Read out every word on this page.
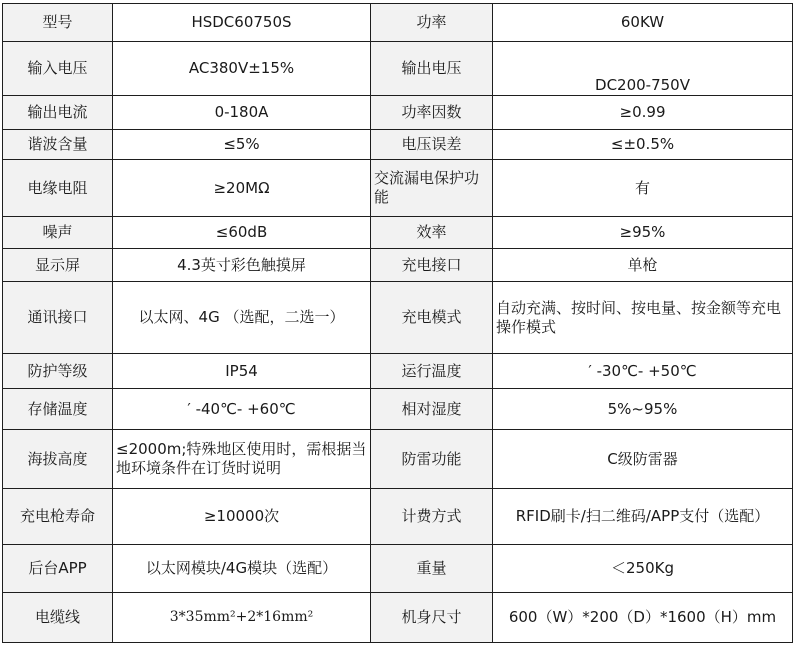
型号	HSDC60750S	功率	60KW
输入电压	AC380V±15%	输出电压	DC200-750V
输出电流	0-180A	功率因数	≥0.99
谐波含量	≤5%	电压误差	≤±0.5%
电缘电阻	≥20MΩ	交流漏电保护功能	有
噪声	≤60dB	效率	≥95%
显示屏	4.3英寸彩色触摸屏	充电接口	单枪
通讯接口	以太网、4G （选配，二选一）	充电模式	自动充满、按时间、按电量、按金额等充电操作模式
防护等级	IP54	运行温度	′ -30℃- +50℃
存储温度	′ -40℃- +60℃	相对湿度	5%~95%
海拔高度	≤2000m;特殊地区使用时，需根据当地环境条件在订货时说明	防雷功能	C级防雷器
充电枪寿命	≥10000次	计费方式	RFID刷卡/扫二维码/APP支付（选配）
后台APP	以太网模块/4G模块（选配）	重量	＜250Kg
电缆线	3*35mm²+2*16mm²	机身尺寸	600（W）*200（D）*1600（H）mm
